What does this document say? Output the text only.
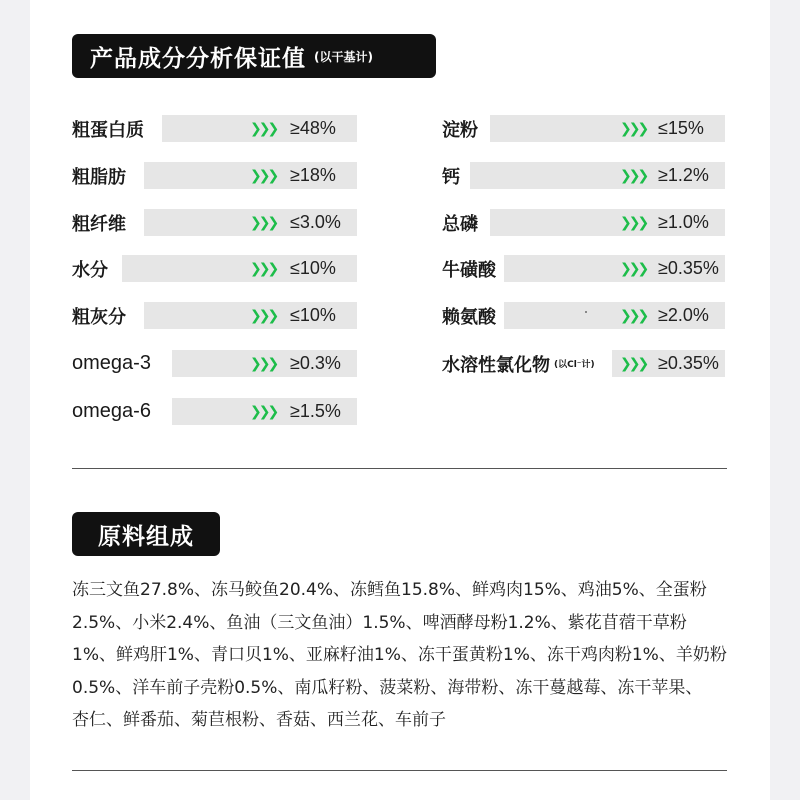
产品成分分析保证值 (以干基计)
粗蛋白质	❯❯❯ ≥48%
粗脂肪	❯❯❯ ≥18%
粗纤维	❯❯❯ ≤3.0%
水分	❯❯❯ ≤10%
粗灰分	❯❯❯ ≤10%
omega-3	❯❯❯ ≥0.3%
omega-6	❯❯❯ ≥1.5%
淀粉	❯❯❯ ≤15%
钙	❯❯❯ ≥1.2%
总磷	❯❯❯ ≥1.0%
牛磺酸	❯❯❯ ≥0.35%
赖氨酸	❯❯❯ ≥2.0%
水溶性氯化物 (以Cl⁻计) ❯❯❯ ≥0.35%
原料组成
冻三文鱼27.8%、冻马鲛鱼20.4%、冻鳕鱼15.8%、鲜鸡肉15%、鸡油5%、全蛋粉
2.5%、小米2.4%、鱼油（三文鱼油）1.5%、啤酒酵母粉1.2%、紫花苜蓿干草粉
1%、鲜鸡肝1%、青口贝1%、亚麻籽油1%、冻干蛋黄粉1%、冻干鸡肉粉1%、羊奶粉
0.5%、洋车前子壳粉0.5%、南瓜籽粉、菠菜粉、海带粉、冻干蔓越莓、冻干苹果、
杏仁、鲜番茄、菊苣根粉、香菇、西兰花、车前子
